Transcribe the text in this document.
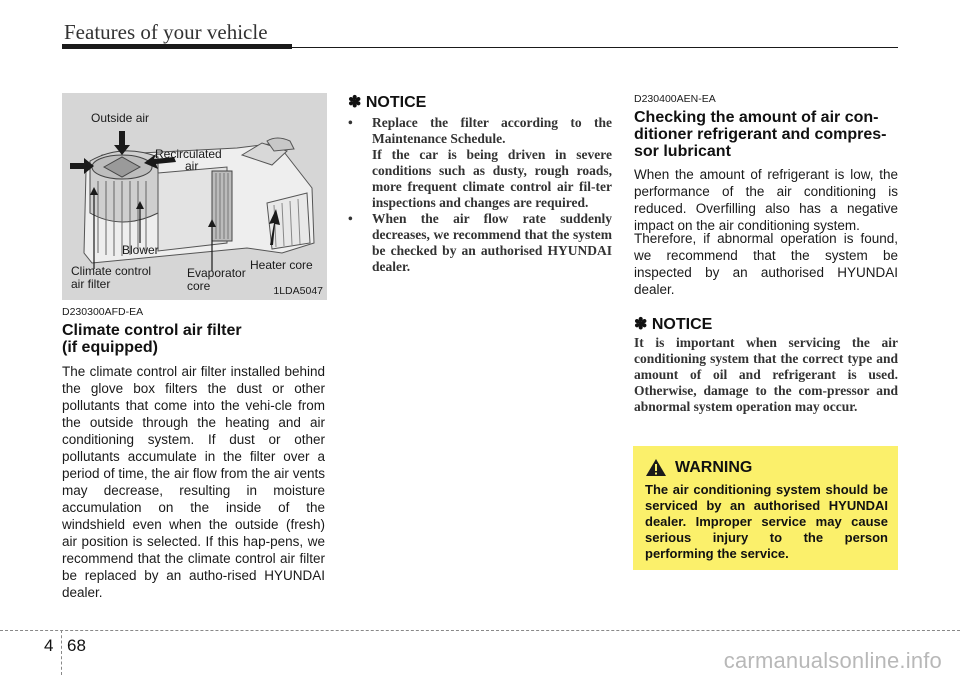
Features of your vehicle
Outside air
Recirculated
air
Blower
Climate control
air filter
Evaporator
core
Heater core
1LDA5047
D230300AFD-EA
Climate control air filter
(if equipped)

The climate control air filter installed behind the glove box filters the dust or other pollutants that come into the vehi-cle from the outside through the heating and air conditioning system. If dust or other pollutants accumulate in the filter over a period of time, the air flow from the air vents may decrease, resulting in moisture accumulation on the inside of the windshield even when the outside (fresh) air position is selected. If this hap-pens, we recommend that the climate control air filter be replaced by an autho-rised HYUNDAI dealer.

✽ NOTICE
• Replace the filter according to the Maintenance Schedule.

If the car is being driven in severe conditions such as dusty, rough roads, more frequent climate control air fil-ter inspections and changes are required.

• When the air flow rate suddenly decreases, we recommend that the system be checked by an authorised HYUNDAI dealer.

D230400AEN-EA
Checking the amount of air con-
ditioner refrigerant and compres-
sor lubricant

When the amount of refrigerant is low, the performance of the air conditioning is reduced. Overfilling also has a negative impact on the air conditioning system.

Therefore, if abnormal operation is found, we recommend that the system be inspected by an authorised HYUNDAI dealer.

✽ NOTICE

It is important when servicing the air conditioning system that the correct type and amount of oil and refrigerant is used. Otherwise, damage to the com-pressor and abnormal system operation may occur.

WARNING

The air conditioning system should be serviced by an authorised HYUNDAI dealer. Improper service may cause serious injury to the person performing the service.

4 68
carmanualsonline.info
